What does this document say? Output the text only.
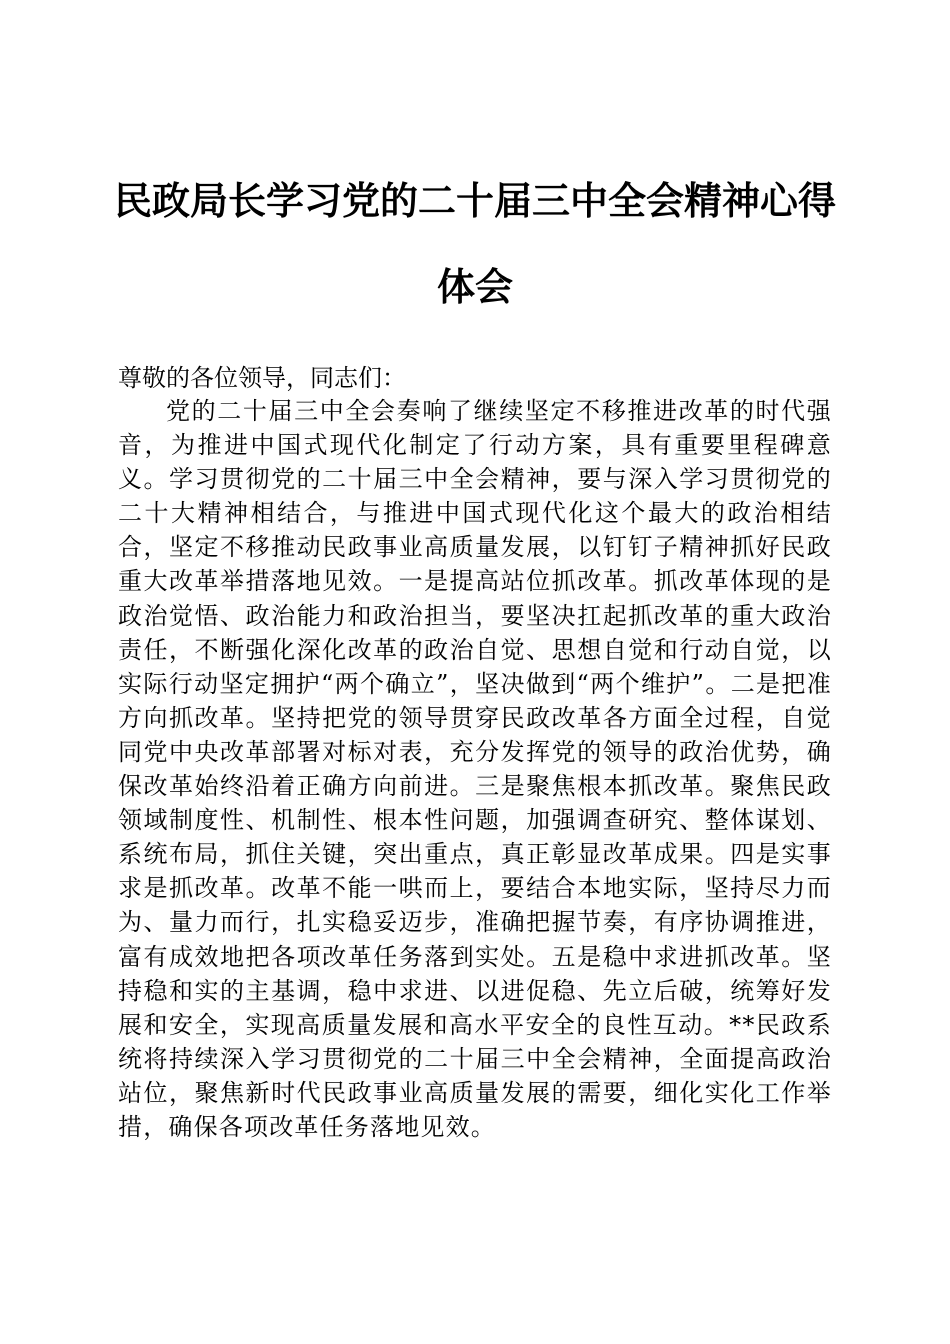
民政局长学习党的二十届三中全会精神心得体会

尊敬的各位领导，同志们：

党的二十届三中全会奏响了继续坚定不移推进改革的时代强音，为推进中国式现代化制定了行动方案，具有重要里程碑意义。学习贯彻党的二十届三中全会精神，要与深入学习贯彻党的二十大精神相结合，与推进中国式现代化这个最大的政治相结合，坚定不移推动民政事业高质量发展，以钉钉子精神抓好民政重大改革举措落地见效。一是提高站位抓改革。抓改革体现的是政治觉悟、政治能力和政治担当，要坚决扛起抓改革的重大政治责任，不断强化深化改革的政治自觉、思想自觉和行动自觉，以实际行动坚定拥护“两个确立”，坚决做到“两个维护”。二是把准方向抓改革。坚持把党的领导贯穿民政改革各方面全过程，自觉同党中央改革部署对标对表，充分发挥党的领导的政治优势，确保改革始终沿着正确方向前进。三是聚焦根本抓改革。聚焦民政领域制度性、机制性、根本性问题，加强调查研究、整体谋划、系统布局，抓住关键，突出重点，真正彰显改革成果。四是实事求是抓改革。改革不能一哄而上，要结合本地实际，坚持尽力而为、量力而行，扎实稳妥迈步，准确把握节奏，有序协调推进，富有成效地把各项改革任务落到实处。五是稳中求进抓改革。坚持稳和实的主基调，稳中求进、以进促稳、先立后破，统筹好发展和安全，实现高质量发展和高水平安全的良性互动。**民政系统将持续深入学习贯彻党的二十届三中全会精神，全面提高政治站位，聚焦新时代民政事业高质量发展的需要，细化实化工作举措，确保各项改革任务落地见效。
